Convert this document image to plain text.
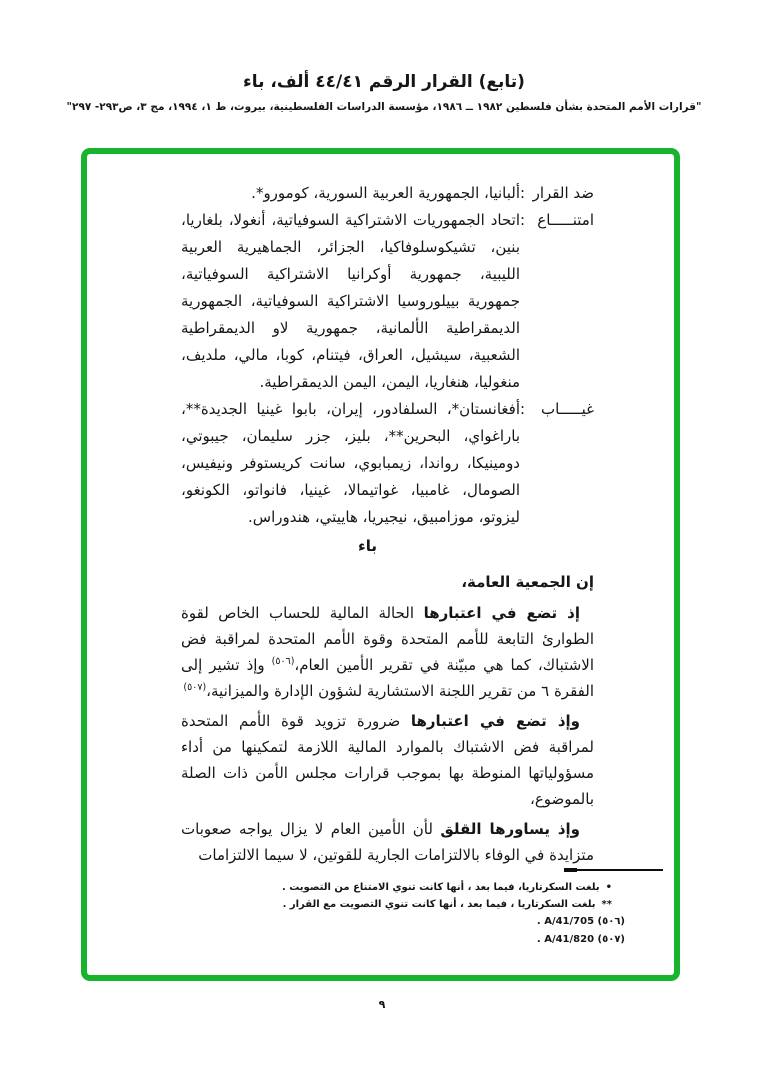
(تابع) القرار الرقم ٤٤/٤١ ألف، باء
"قرارات الأمم المتحدة بشأن فلسطين ١٩٨٢ ــ ١٩٨٦، مؤسسة الدراسات الفلسطينية، بيروت، ط ١، ١٩٩٤، مج ٣، ص٢٩٣- ٢٩٧"
ضد القرار
:
ألبانيا، الجمهورية العربية السورية، كومورو*.
امتنـــــاع
:
اتحاد الجمهوريات الاشتراكية السوفياتية، أنغولا، بلغاريا، بنين، تشيكوسلوفاكيا، الجزائر، الجماهيرية العربية الليبية، جمهورية أوكرانيا الاشتراكية السوفياتية، جمهورية بييلوروسيا الاشتراكية السوفياتية، الجمهورية الديمقراطية الألمانية، جمهورية لاو الديمقراطية الشعبية، سيشيل، العراق، فيتنام، كوبا، مالي، ملديف، منغوليا، هنغاريا، اليمن، اليمن الديمقراطية.
غيـــــاب
:
أفغانستان*، السلفادور، إيران، بابوا غينيا الجديدة**، باراغواي، البحرين**، بليز، جزر سليمان، جيبوتي، دومينيكا، رواندا، زيمبابوي، سانت كريستوفر ونيفيس، الصومال، غامبيا، غواتيمالا، غينيا، فانواتو، الكونغو، ليزوتو، موزامبيق، نيجيريا، هاييتي، هندوراس.
باء
إن الجمعية العامة،

إذ تضع في اعتبارها الحالة المالية للحساب الخاص لقوة الطوارئ التابعة للأمم المتحدة وقوة الأمم المتحدة لمراقبة فض الاشتباك، كما هي مبيّنة في تقرير الأمين العام،$^{(٥٠٦)}$ وإذ تشير إلى الفقرة ٦ من تقرير اللجنة الاستشارية لشؤون الإدارة والميزانية،$^{(٥٠٧)}$

وإذ تضع في اعتبارها ضرورة تزويد قوة الأمم المتحدة لمراقبة فض الاشتباك بالموارد المالية اللازمة لتمكينها من أداء مسؤولياتها المنوطة بها بموجب قرارات مجلس الأمن ذات الصلة بالموضوع،

وإذ يساورها القلق لأن الأمين العام لا يزال يواجه صعوبات متزايدة في الوفاء بالالتزامات الجارية للقوتين، لا سيما الالتزامات

•
بلغت السكرتاريا، فيما بعد ، أنها كانت تنوي الامتناع من التصويت .
**
بلغت السكرتاريا ، فيما بعد ، أنها كانت تنوي التصويت مع القرار .
(٥٠٦) A/41/705 .
(٥٠٧) A/41/820 .
٩
